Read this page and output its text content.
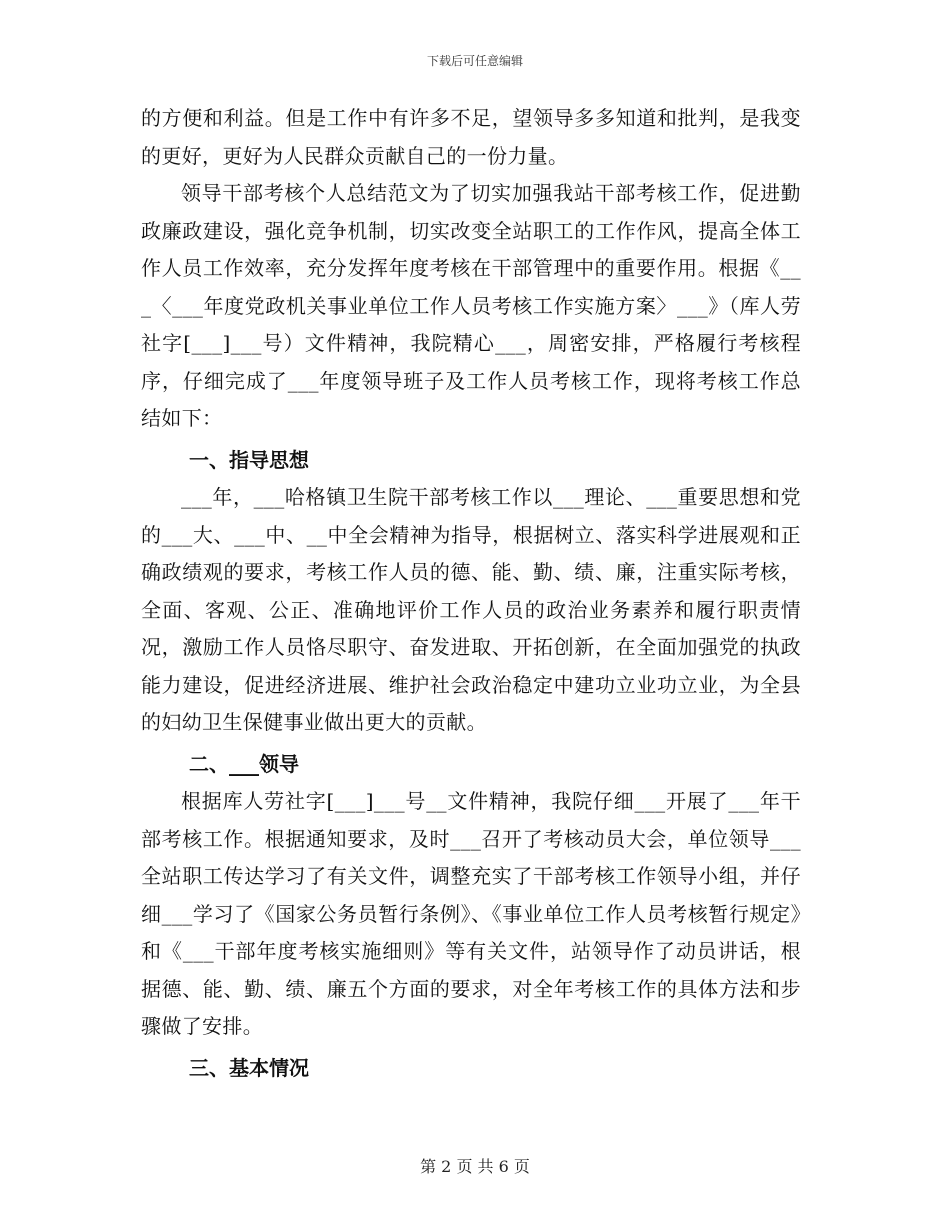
下载后可任意编辑

的方便和利益。但是工作中有许多不足，望领导多多知道和批判，是我变的更好，更好为人民群众贡献自己的一份力量。

领导干部考核个人总结范文为了切实加强我站干部考核工作，促进勤政廉政建设，强化竞争机制，切实改变全站职工的工作作风，提高全体工作人员工作效率，充分发挥年度考核在干部管理中的重要作用。根据《___〈___年度党政机关事业单位工作人员考核工作实施方案〉___》（库人劳社字[___]___号）文件精神，我院精心___，周密安排，严格履行考核程序，仔细完成了___年度领导班子及工作人员考核工作，现将考核工作总结如下：

一、指导思想

___年，___哈格镇卫生院干部考核工作以___理论、___重要思想和党的___大、___中、__中全会精神为指导，根据树立、落实科学进展观和正确政绩观的要求，考核工作人员的德、能、勤、绩、廉，注重实际考核，全面、客观、公正、准确地评价工作人员的政治业务素养和履行职责情况，激励工作人员恪尽职守、奋发进取、开拓创新，在全面加强党的执政能力建设，促进经济进展、维护社会政治稳定中建功立业功立业，为全县的妇幼卫生保健事业做出更大的贡献。

二、___领导

根据库人劳社字[___]___号__文件精神，我院仔细___开展了___年干部考核工作。根据通知要求，及时___召开了考核动员大会，单位领导___全站职工传达学习了有关文件，调整充实了干部考核工作领导小组，并仔细___学习了《国家公务员暂行条例》、《事业单位工作人员考核暂行规定》和《___干部年度考核实施细则》等有关文件，站领导作了动员讲话，根据德、能、勤、绩、廉五个方面的要求，对全年考核工作的具体方法和步骤做了安排。

三、基本情况

第 2 页 共 6 页
